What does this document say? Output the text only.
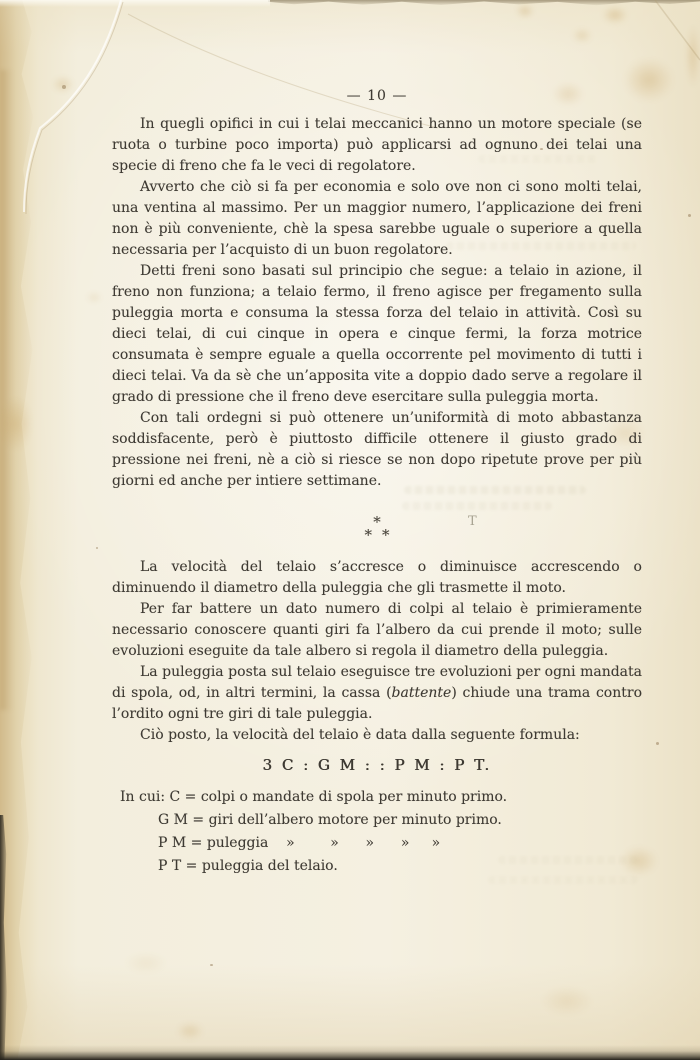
T
— 10 —

In quegli opifici in cui i telai meccanici hanno un motore speciale (se ruota o turbine poco importa) può applicarsi ad ognuno dei telai una specie di freno che fa le veci di regolatore.

Avverto che ciò si fa per economia e solo ove non ci sono molti telai, una ventina al massimo. Per un maggior numero, l’applicazione dei freni non è più conveniente, chè la spesa sarebbe uguale o superiore a quella necessaria per l’acquisto di un buon regolatore.

Detti freni sono basati sul principio che segue: a telaio in azione, il freno non funziona; a telaio fermo, il freno agisce per fregamento sulla puleggia morta e consuma la stessa forza del telaio in attività. Così su dieci telai, di cui cinque in opera e cinque fermi, la forza motrice consumata è sempre eguale a quella occorrente pel movimento di tutti i dieci telai. Va da sè che un’apposita vite a doppio dado serve a regolare il grado di pressione che il freno deve esercitare sulla puleggia morta.

Con tali ordegni si può ottenere un’uniformità di moto abbastanza soddisfacente, però è piuttosto difficile ottenere il giusto grado di pressione nei freni, nè a ciò si riesce se non dopo ripetute prove per più giorni ed anche per intiere settimane.

*
**

La velocità del telaio s’accresce o diminuisce accrescendo o diminuendo il diametro della puleggia che gli trasmette il moto.

Per far battere un dato numero di colpi al telaio è primieramente necessario conoscere quanti giri fa l’albero da cui prende il moto; sulle evoluzioni eseguite da tale albero si regola il diametro della puleggia.

La puleggia posta sul telaio eseguisce tre evoluzioni per ogni mandata di spola, od, in altri termini, la cassa (battente) chiude una trama contro l’ordito ogni tre giri di tale puleggia.

Ciò posto, la velocità del telaio è data dalla seguente formula:

3 C : G M : : P M : P T.
In cui: C = colpi o mandate di spola per minuto primo.
G M = giri dell’albero motore per minuto primo.
P M = puleggia    »        »      »      »     »
P T = puleggia del telaio.
